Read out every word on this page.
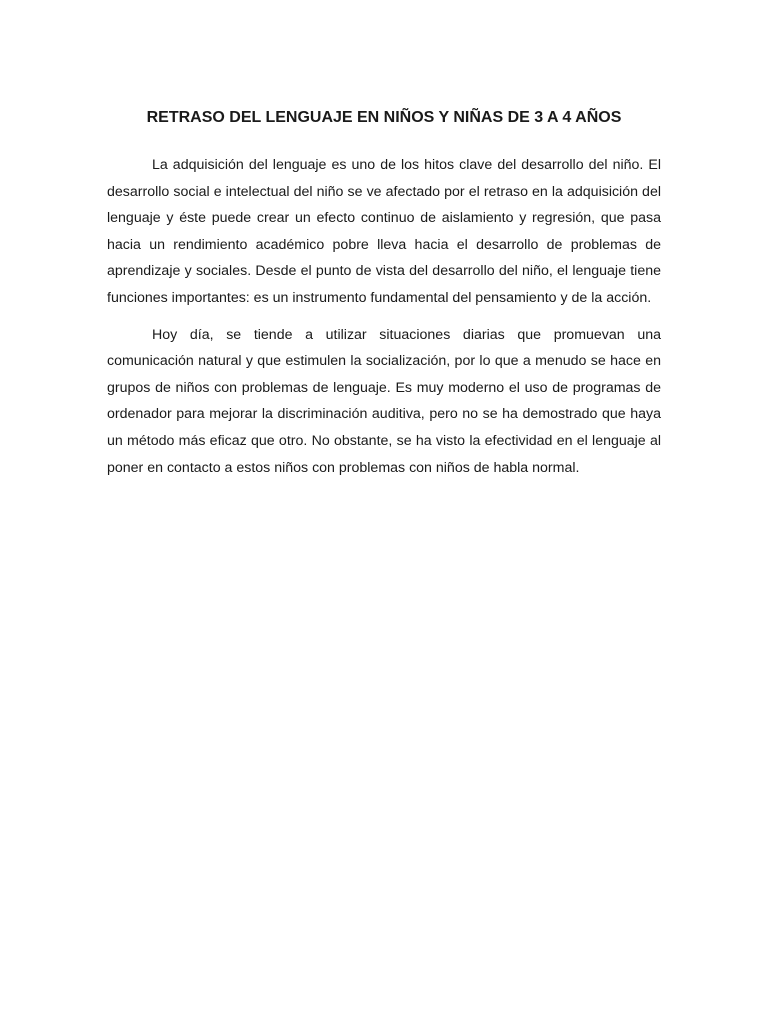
RETRASO DEL LENGUAJE EN NIÑOS Y NIÑAS DE 3 A 4 AÑOS

La adquisición del lenguaje es uno de los hitos clave del desarrollo del niño. El desarrollo social e intelectual del niño se ve afectado por el retraso en la adquisición del lenguaje y éste puede crear un efecto continuo de aislamiento y regresión, que pasa hacia un rendimiento académico pobre lleva hacia el desarrollo de problemas de aprendizaje y sociales. Desde el punto de vista del desarrollo del niño, el lenguaje tiene funciones importantes: es un instrumento fundamental del pensamiento y de la acción.

Hoy día, se tiende a utilizar situaciones diarias que promuevan una comunicación natural y que estimulen la socialización, por lo que a menudo se hace en grupos de niños con problemas de lenguaje. Es muy moderno el uso de programas de ordenador para mejorar la discriminación auditiva, pero no se ha demostrado que haya un método más eficaz que otro. No obstante, se ha visto la efectividad en el lenguaje al poner en contacto a estos niños con problemas con niños de habla normal.
